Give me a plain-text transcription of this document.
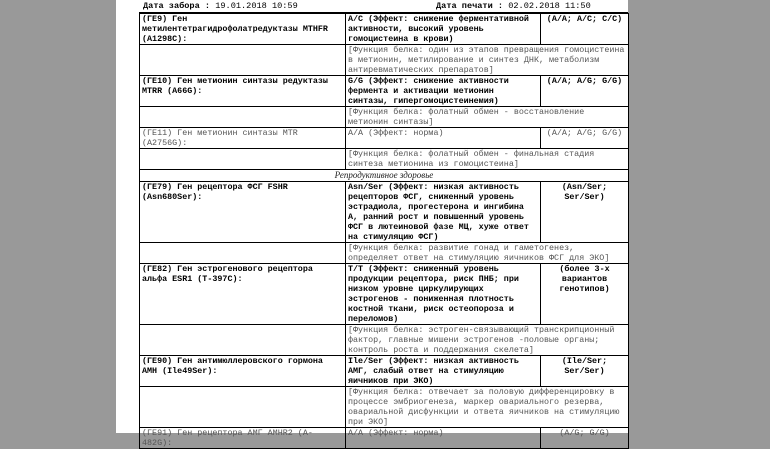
Дата забора : 19.01.2018 10:59	Дата печати : 02.02.2018 11:50
(ГЕ9) Ген метилентетрагидрофолатредуктазы MTHFR (A1298C):	A/C (Эффект: снижение ферментативной активности, высокий уровень гомоцистеина в крови)	(A/A; A/C; C/C)
	[Функция белка: один из этапов превращения гомоцистеина в метионин, метилирование и синтез ДНК, метаболизм антиревматических препаратов]	
(ГЕ10) Ген метионин синтазы редуктазы MTRR (A66G):	G/G (Эффект: снижение активности фермента и активации метионин синтазы, гипергомоцистеинемия)	(A/A; A/G; G/G)
	[Функция белка: фолатный обмен - восстановление метионин синтазы]	
(ГЕ11) Ген метионин синтазы MTR (A2756G):	A/A (Эффект: норма)	(A/A; A/G; G/G)
	[Функция белка: фолатный обмен - финальная стадия синтеза метионина из гомоцистеина]	
Репродуктивное здоровье		
(ГЕ79) Ген рецептора ФСГ FSHR (Asn680Ser):	Asn/Ser (Эффект: низкая активность рецепторов ФСГ, сниженный уровень эстрадиола, прогестерона и ингибина А, ранний рост и повышенный уровень ФСГ в лютеиновой фазе МЦ, хуже ответ на стимуляцию ФСГ)	(Asn/Ser; Ser/Ser)
	[Функция белка: развитие гонад и гаметогенез, определяет ответ на стимуляцию яичников ФСГ для ЭКО]	
(ГЕ82) Ген эстрогенового рецептора альфа ESR1 (T-397C):	T/T (Эффект: сниженный уровень продукции рецептора, риск ПНБ; при низком уровне циркулирующих эстрогенов - пониженная плотность костной ткани, риск остеопороза и переломов)	(более 3-х вариантов генотипов)
	[Функция белка: эстроген-связывающий транскрипционный фактор, главные мишени эстрогенов -половые органы; контроль роста и поддержания скелета]	
(ГЕ90) Ген антимюллеровского гормона АМН (Ile49Ser):	Ile/Ser (Эффект: низкая активность АМГ, слабый ответ на стимуляцию яичников при ЭКО)	(Ile/Ser; Ser/Ser)
	[Функция белка: отвечает за половую дифференцировку в процессе эмбриогенеза, маркер овариального резерва, овариальной дисфункции и ответа яичников на стимуляцию при ЭКО]	
(ГЕ91) Ген рецептора АМГ AMHR2 (A-482G):	A/A (Эффект: норма)	(A/G; G/G)
